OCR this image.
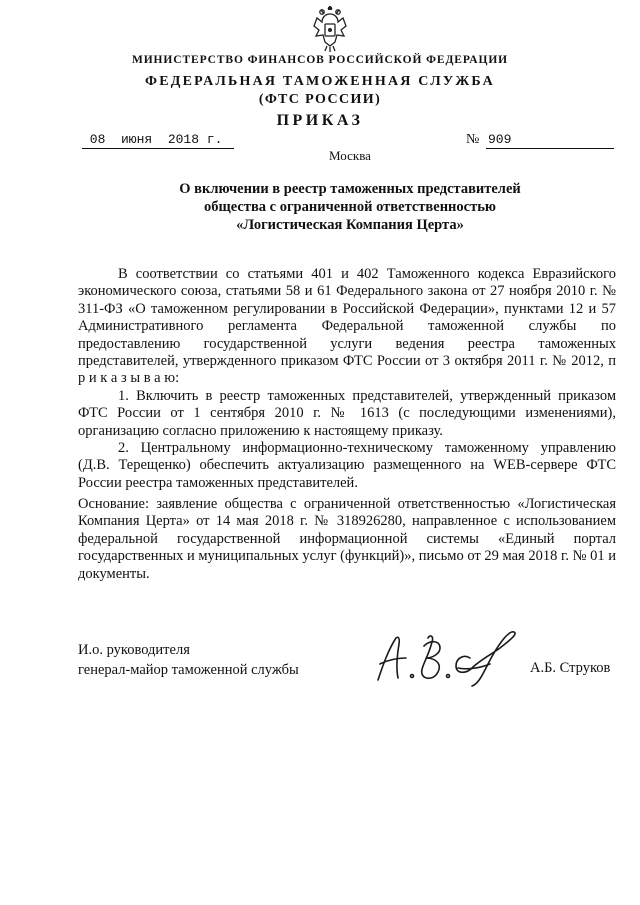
МИНИСТЕРСТВО ФИНАНСОВ РОССИЙСКОЙ ФЕДЕРАЦИИ
ФЕДЕРАЛЬНАЯ ТАМОЖЕННАЯ СЛУЖБА
(ФТС РОССИИ)
ПРИКАЗ
08  июня  2018 г.	№ 909
Москва
О включении в реестр таможенных представителей
общества с ограниченной ответственностью
«Логистическая Компания Церта»

В соответствии со статьями 401 и 402 Таможенного кодекса Евразийского экономического союза, статьями 58 и 61 Федерального закона от 27 ноября 2010 г. № 311-ФЗ «О таможенном регулировании в Российской Федерации», пунктами 12 и 57 Административного регламента Федеральной таможенной службы по предоставлению государственной услуги ведения реестра таможенных представителей, утвержденного приказом ФТС России от 3 октября 2011 г. № 2012, п р и к а з ы в а ю:

1. Включить в реестр таможенных представителей, утвержденный приказом ФТС России от 1 сентября 2010 г. № 1613 (с последующими изменениями), организацию согласно приложению к настоящему приказу.

2. Центральному информационно-техническому таможенному управлению (Д.В. Терещенко) обеспечить актуализацию размещенного на WEB-сервере ФТС России реестра таможенных представителей.

Основание: заявление общества с ограниченной ответственностью «Логистическая Компания Церта» от 14 мая 2018 г. № 318926280, направленное с использованием федеральной государственной информационной системы «Единый портал государственных и муниципальных услуг (функций)», письмо от 29 мая 2018 г. № 01 и документы.

И.о. руководителя
генерал-майор таможенной службы	А.Б. Струков
